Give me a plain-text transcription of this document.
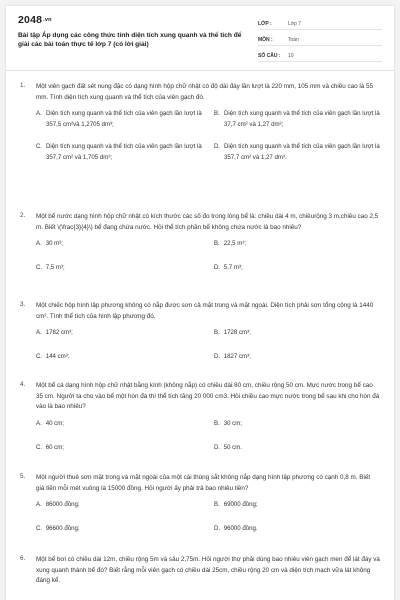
2048.vn
Bài tập Áp dụng các công thức tính diện tích xung quanh và thể tích để giải các bài toán thực tế lớp 7 (có lời giải)
LỚP :	Lớp 7
MÔN :	Toán
SỐ CÂU :	10
1. Một viên gạch đất sét nung đặc có dạng hình hộp chữ nhật có độ dài đáy lần lượt là 220 mm, 105 mm và chiều cao là 55 mm. Tính diện tích xung quanh và thể tích của viên gạch đó.
A. Diện tích xung quanh và thể tích của viên gạch lần lượt là 357,5 cm²và 1,2705 dm³;
B. Diện tích xung quanh và thể tích của viên gạch lần lượt là 37,7 cm² và 1,27 dm³;
C. Diện tích xung quanh và thể tích của viên gạch lần lượt là 357,7 cm² và 1,705 dm³;
D. Diện tích xung quanh và thể tích của viên gạch lần lượt là 357,7 cm² và 1,27 dm³.
2. Một bể nước dạng hình hộp chữ nhật có kích thước các số đo trong lòng bể là: chiều dài 4 m, chiềurộng 3 m,chiều cao 2,5 m. Biết \(\frac{3}{4}\) bể đang chứa nước. Hỏi thể tích phần bể không chứa nước là bao nhiêu?
A. 30 m³;	B. 22,5 m³;
C. 7,5 m³;	D. 5,7 m³;
3. Một chiếc hộp hình lập phương không có nắp được sơn cả mặt trong và mặt ngoài. Diện tích phải sơn tổng cộng là 1440 cm². Tính thể tích của hình lập phương đó.
A. 1782 cm³;	B. 1728 cm³;
C. 144 cm³;	D. 1827 cm³;
4. Một bể cá dạng hình hộp chữ nhật bằng kính (không nắp) có chiều dài 80 cm, chiều rộng 50 cm. Mực nước trong bể cao 35 cm. Người ta cho vào bể một hòn đá thì thể tích tăng 20 000 cm3. Hỏi chiều cao mực nước trong bể sau khi cho hòn đá vào là bao nhiêu?
A. 40 cm;	B. 30 cm;
C. 60 cm;	D. 50 cm.
5. Một người thuê sơn mặt trong và mặt ngoài của một cái thùng sắt không nắp dạng hình lập phương có cạnh 0,8 m. Biết giá tiền mỗi mét vuông là 15000 đồng. Hỏi người ấy phải trả bao nhiêu tiền?
A. 86000 đồng;	B. 69000 đồng;
C. 96600 đồng;	D. 96000 đồng.
6. Một bể bơi có chiều dài 12m, chiều rộng 5m và sâu 2,75m. Hỏi người thợ phải dùng bao nhiêu viên gạch men để lát đáy và xung quanh thành bể đó? Biết rằng mỗi viên gạch có chiều dài 25cm, chiều rộng 20 cm và diện tích mạch vữa lát không đáng kể.
